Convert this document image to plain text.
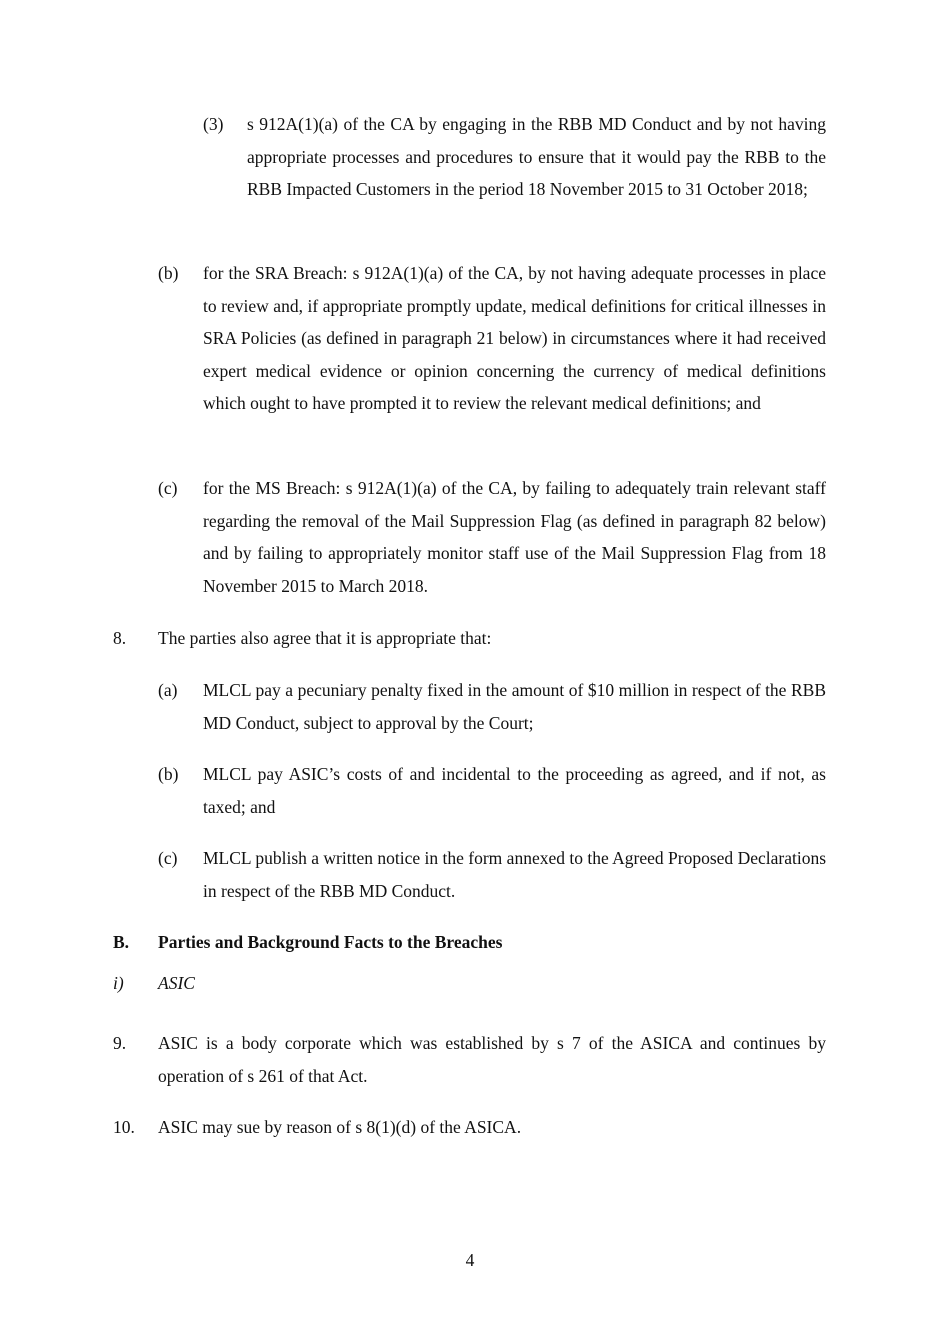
(3) s 912A(1)(a) of the CA by engaging in the RBB MD Conduct and by not having appropriate processes and procedures to ensure that it would pay the RBB to the RBB Impacted Customers in the period 18 November 2015 to 31 October 2018;
(b) for the SRA Breach: s 912A(1)(a) of the CA, by not having adequate processes in place to review and, if appropriate promptly update, medical definitions for critical illnesses in SRA Policies (as defined in paragraph 21 below) in circumstances where it had received expert medical evidence or opinion concerning the currency of medical definitions which ought to have prompted it to review the relevant medical definitions; and
(c) for the MS Breach: s 912A(1)(a) of the CA, by failing to adequately train relevant staff regarding the removal of the Mail Suppression Flag (as defined in paragraph 82 below) and by failing to appropriately monitor staff use of the Mail Suppression Flag from 18 November 2015 to March 2018.
8. The parties also agree that it is appropriate that:
(a) MLCL pay a pecuniary penalty fixed in the amount of $10 million in respect of the RBB MD Conduct, subject to approval by the Court;
(b) MLCL pay ASIC’s costs of and incidental to the proceeding as agreed, and if not, as taxed; and
(c) MLCL publish a written notice in the form annexed to the Agreed Proposed Declarations in respect of the RBB MD Conduct.
B. Parties and Background Facts to the Breaches
i) ASIC
9. ASIC is a body corporate which was established by s 7 of the ASICA and continues by operation of s 261 of that Act.
10. ASIC may sue by reason of s 8(1)(d) of the ASICA.
4
